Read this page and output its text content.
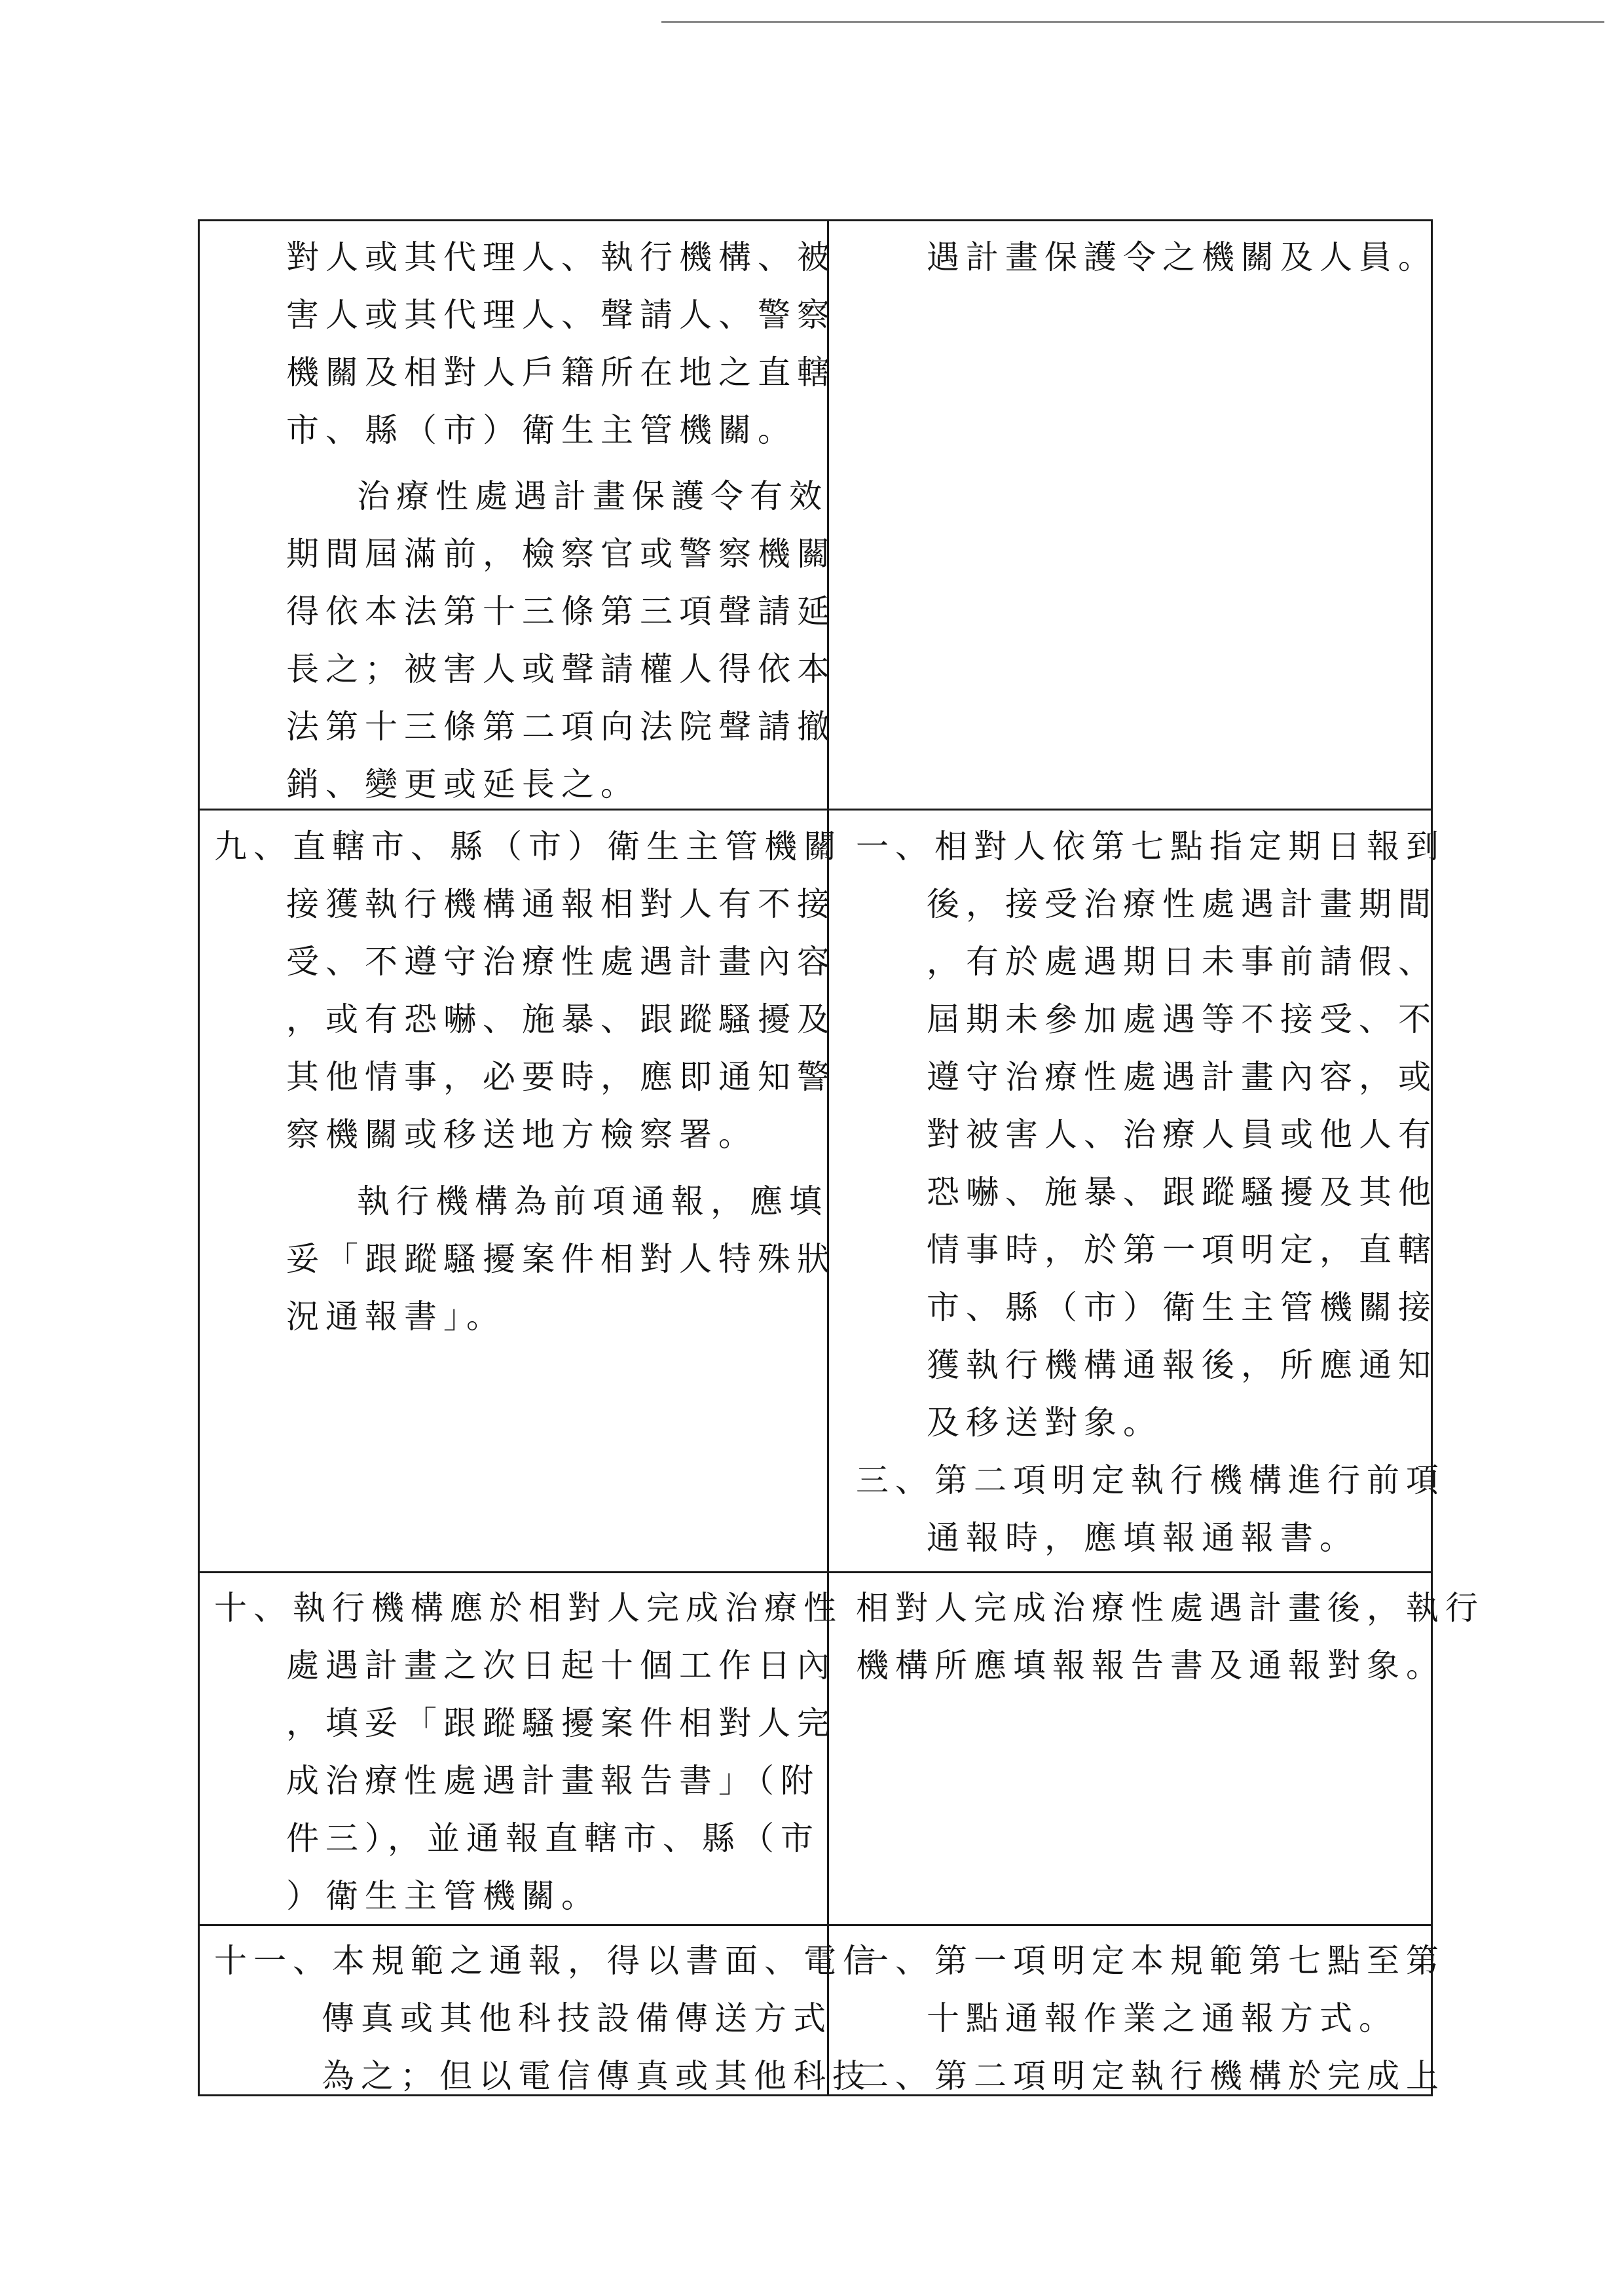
對人或其代理人、執行機構、被
害人或其代理人、聲請人、警察
機關及相對人戶籍所在地之直轄
市、縣（市）衛生主管機關。
治療性處遇計畫保護令有效
期間屆滿前，檢察官或警察機關
得依本法第十三條第三項聲請延
長之；被害人或聲請權人得依本
法第十三條第二項向法院聲請撤
銷、變更或延長之。
遇計畫保護令之機關及人員。
九、直轄市、縣（市）衛生主管機關
接獲執行機構通報相對人有不接
受、不遵守治療性處遇計畫內容
，或有恐嚇、施暴、跟蹤騷擾及
其他情事，必要時，應即通知警
察機關或移送地方檢察署。
執行機構為前項通報，應填
妥「跟蹤騷擾案件相對人特殊狀
況通報書」。
一、相對人依第七點指定期日報到
後，接受治療性處遇計畫期間
，有於處遇期日未事前請假、
屆期未參加處遇等不接受、不
遵守治療性處遇計畫內容，或
對被害人、治療人員或他人有
恐嚇、施暴、跟蹤騷擾及其他
情事時，於第一項明定，直轄
市、縣（市）衛生主管機關接
獲執行機構通報後，所應通知
及移送對象。
三、第二項明定執行機構進行前項
通報時，應填報通報書。
十、執行機構應於相對人完成治療性
處遇計畫之次日起十個工作日內
，填妥「跟蹤騷擾案件相對人完
成治療性處遇計畫報告書」（附
件三），並通報直轄市、縣（市
）衛生主管機關。
相對人完成治療性處遇計畫後，執行
機構所應填報報告書及通報對象。
十一、本規範之通報，得以書面、電信
傳真或其他科技設備傳送方式
為之；但以電信傳真或其他科技
一、第一項明定本規範第七點至第
十點通報作業之通報方式。
二、第二項明定執行機構於完成上
